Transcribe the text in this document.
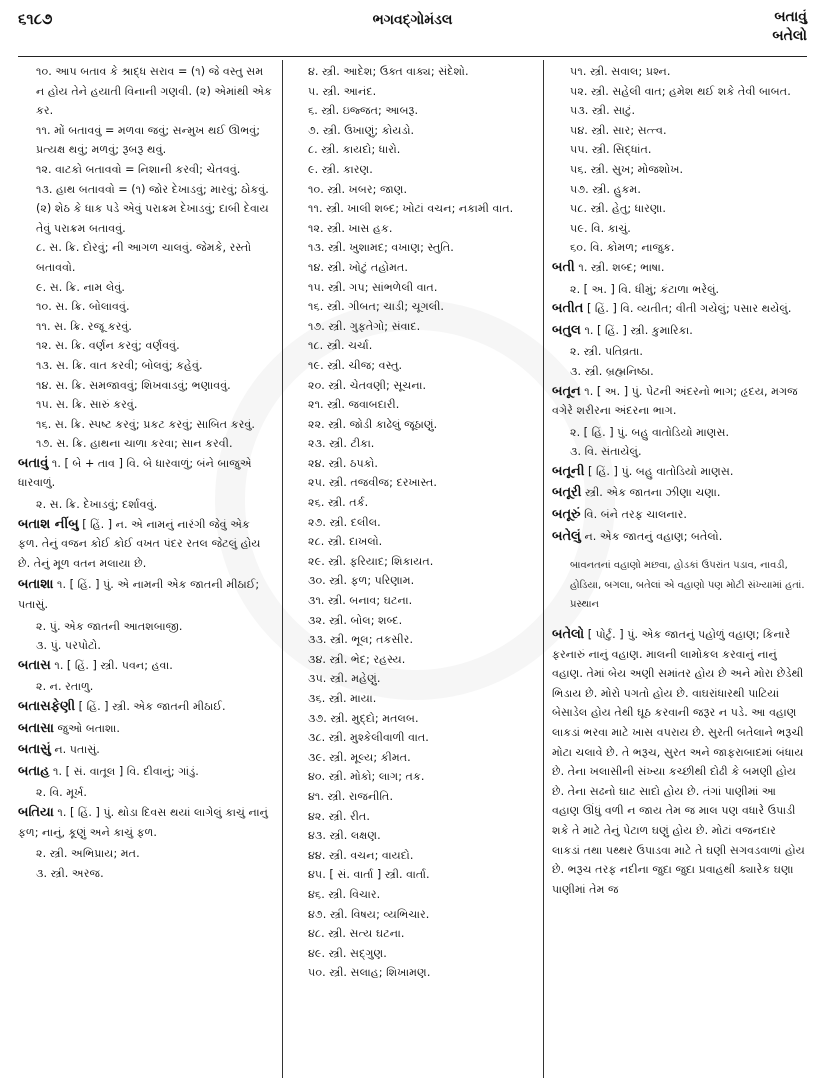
૬૧૮૭	ભગવદ્ગોમંડલ	બતાવું
બતેલો

૧૦. આપ બતાવ કે શ્રાદ્ધ સરાવ = (૧) જે વસ્તુ સમ ન હોય તેને હયાતી વિનાની ગણવી. (૨) એમાંથી એક કર.

૧૧. મોં બતાવવું = મળવા જવું; સન્મુખ થઈ ઊભવું; પ્રત્યક્ષ થવું; મળવું; રૂબરૂ થવું.

૧૨. વાટકો બતાવવો = નિશાની કરવી; ચેતવવું.

૧૩. હાથ બતાવવો = (૧) જોર દેખાડવું; મારવું; ઠોકવું. (૨) શેઠ કે ધાક પડે એવું પરાક્રમ દેખાડવું; દાબી દેવાય તેવું પરાક્રમ બતાવવું.

૮. સ. ક્રિ. દોરવું; ની આગળ ચાલવું. જેમકે, રસ્તો બતાવવો.

૯. સ. ક્રિ. નામ લેવું.

૧૦. સ. ક્રિ. બોલાવવું.

૧૧. સ. ક્રિ. રજૂ કરવું.

૧૨. સ. ક્રિ. વર્ણન કરવું; વર્ણવવું.

૧૩. સ. ક્રિ. વાત કરવી; બોલવું; કહેવું.

૧૪. સ. ક્રિ. સમજાવવું; શિખવાડવું; ભણાવવું.

૧૫. સ. ક્રિ. સારું કરવું.

૧૬. સ. ક્રિ. સ્પષ્ટ કરવું; પ્રકટ કરવું; સાબિત કરવું.

૧૭. સ. ક્રિ. હાથના ચાળા કરવા; સાન કરવી.

બતાવું ૧. [ બે + તાવ ] વિ. બે ધારવાળું; બંને બાજુએ ધારવાળું.

૨. સ. ક્રિ. દેખાડવું; દર્શાવવું.

બતાશ નીંબુ [ હિં. ] ન. એ નામનું નારંગી જેવું એક ફળ. તેનું વજન કોઈ કોઈ વખત પંદર રતલ જેટલું હોય છે. તેનું મૂળ વતન મલાયા છે.

બતાશા ૧. [ હિં. ] પું. એ નામની એક જાતની મીઠાઈ; પતાસું.

૨. પું. એક જાતની આતશબાજી.

૩. પું. પરપોટો.

બતાસ ૧. [ હિં. ] સ્ત્રી. પવન; હવા.

૨. ન. રતાળુ.

બતાસફેણી [ હિં. ] સ્ત્રી. એક જાતની મીઠાઈ.

બતાસા જુઓ બતાશા.

બતાસું ન. પતાસું.

બતાહ ૧. [ સં. વાતૂલ ] વિ. દીવાનું; ગાંડું.

૨. વિ. મૂર્ખ.

બતિયા ૧. [ હિં. ] પું. થોડા દિવસ થયાં લાગેલું કાચું નાનું ફળ; નાનું, કૂણું અને કાચું ફળ.

૨. સ્ત્રી. અભિપ્રાય; મત.

૩. સ્ત્રી. અરજ.

૪. સ્ત્રી. આદેશ; ઉક્ત વાક્ય; સંદેશો.

૫. સ્ત્રી. આનંદ.

૬. સ્ત્રી. ઇજ્જત; આબરૂ.

૭. સ્ત્રી. ઉખાણું; કોયડો.

૮. સ્ત્રી. કાયદો; ધારો.

૯. સ્ત્રી. કારણ.

૧૦. સ્ત્રી. ખબર; જાણ.

૧૧. સ્ત્રી. ખાલી શબ્દ; ખોટાં વચન; નકામી વાત.

૧૨. સ્ત્રી. ખાસ હક.

૧૩. સ્ત્રી. ખુશામદ; વખાણ; સ્તુતિ.

૧૪. સ્ત્રી. ખોટું તહોમત.

૧૫. સ્ત્રી. ગપ; સાંભળેલી વાત.

૧૬. સ્ત્રી. ગીબત; ચાડી; ચૂગલી.

૧૭. સ્ત્રી. ગુફતેગો; સંવાદ.

૧૮. સ્ત્રી. ચર્ચા.

૧૯. સ્ત્રી. ચીજ; વસ્તુ.

૨૦. સ્ત્રી. ચેતવણી; સૂચના.

૨૧. સ્ત્રી. જવાબદારી.

૨૨. સ્ત્રી. જોડી કાઢેલું જૂઠાણું.

૨૩. સ્ત્રી. ટીકા.

૨૪. સ્ત્રી. ઠપકો.

૨૫. સ્ત્રી. તજવીજ; દરખાસ્ત.

૨૬. સ્ત્રી. તર્ક.

૨૭. સ્ત્રી. દલીલ.

૨૮. સ્ત્રી. દાખલો.

૨૯. સ્ત્રી. ફરિયાદ; શિકાયત.

૩૦. સ્ત્રી. ફળ; પરિણામ.

૩૧. સ્ત્રી. બનાવ; ઘટના.

૩૨. સ્ત્રી. બોલ; શબ્દ.

૩૩. સ્ત્રી. ભૂલ; તકસીર.

૩૪. સ્ત્રી. ભેદ; રહસ્ય.

૩૫. સ્ત્રી. મહેણું.

૩૬. સ્ત્રી. માયા.

૩૭. સ્ત્રી. મુદ્દો; મતલબ.

૩૮. સ્ત્રી. મુશ્કેલીવાળી વાત.

૩૯. સ્ત્રી. મૂલ્ય; કીમત.

૪૦. સ્ત્રી. મોકો; લાગ; તક.

૪૧. સ્ત્રી. રાજનીતિ.

૪૨. સ્ત્રી. રીત.

૪૩. સ્ત્રી. લક્ષણ.

૪૪. સ્ત્રી. વચન; વાયદો.

૪૫. [ સં. વાર્તા ] સ્ત્રી. વાર્તા.

૪૬. સ્ત્રી. વિચાર.

૪૭. સ્ત્રી. વિષય; વ્યભિચાર.

૪૮. સ્ત્રી. સત્ય ઘટના.

૪૯. સ્ત્રી. સદ્ગુણ.

૫૦. સ્ત્રી. સલાહ; શિખામણ.

૫૧. સ્ત્રી. સવાલ; પ્રશ્ન.

૫૨. સ્ત્રી. સહેલી વાત; હમેશ થઈ શકે તેવી બાબત.

૫૩. સ્ત્રી. સાટું.

૫૪. સ્ત્રી. સાર; સત્ત્વ.

૫૫. સ્ત્રી. સિદ્ધાંત.

૫૬. સ્ત્રી. સુખ; મોજશોખ.

૫૭. સ્ત્રી. હુકમ.

૫૮. સ્ત્રી. હેતુ; ધારણા.

૫૯. વિ. કાચું.

૬૦. વિ. કોમળ; નાજુક.

બતી ૧. સ્ત્રી. શબ્દ; ભાષા.

૨. [ અ. ] વિ. ધીમું; કંટાળા ભરેલું.

બતીત [ હિં. ] વિ. વ્યતીત; વીતી ગયેલું; પસાર થયેલું.

બતુલ ૧. [ હિં. ] સ્ત્રી. કુમારિકા.

૨. સ્ત્રી. પતિવ્રતા.

૩. સ્ત્રી. બ્રહ્મનિષ્ઠા.

બતૂન ૧. [ અ. ] પું. પેટની અંદરનો ભાગ; હૃદય, મગજ વગેરે શરીરના અંદરના ભાગ.

૨. [ હિં. ] પું. બહુ વાતોડિયો માણસ.

૩. વિ. સંતાયેલું.

બતૂની [ હિં. ] પું. બહુ વાતોડિયો માણસ.

બતૂરી સ્ત્રી. એક જાતના ઝીણા ચણા.

બતૂરું વિ. બંને તરફ ચાલનાર.

બતેલું ન. એક જાતનું વહાણ; બતેલો.

બાવનતનાં વહાણો મછવા, હોડકાં ઉપરાંત પડાવ, નાવડી, હોડિયા, બગલા, બતેલાં એ વહાણો પણ મોટી સંખ્યામાં હતાં. પ્રસ્થાન

બતેલો [ પોર્ટુ. ] પું. એક જાતનું પહોળું વહાણ; કિનારે ફરનારું નાનું વહાણ. માલની લામોકલ કરવાનું નાનું વહાણ. તેમાં બેય અણી સમાંતર હોય છે અને મોરા છેડેથી ભિડાય છે. મોરો પગતો હોય છે. વાઘરાંધારથી પાટિયાં બેસાડેલ હોય તેથી ઘૂઠ કરવાની જરૂર ન પડે. આ વહાણ લાકડાં ભરવા માટે ખાસ વપરાય છે. સુરતી બતેલાને ભરૂચી મોટા ચલાવે છે. તે ભરૂચ, સુરત અને જાફરાબાદમાં બંધાય છે. તેના ખલાસીની સંખ્યા કચ્છીથી દોઢી કે બમણી હોય છે. તેના સઢનો ઘાટ સાદો હોય છે. તંગાં પાણીમાં આ વહાણ ઊંધું વળી ન જાય તેમ જ માલ પણ વધારે ઉપાડી શકે તે માટે તેનું પેટાળ ઘણું હોય છે. મોટાં વજનદાર લાકડાં તથા પથ્થર ઉપાડવા માટે તે ઘણી સગવડવાળાં હોય છે. ભરૂચ તરફ નદીના જુદા જુદા પ્રવાહથી ક્યારેક ઘણા પાણીમાં તેમ જ
